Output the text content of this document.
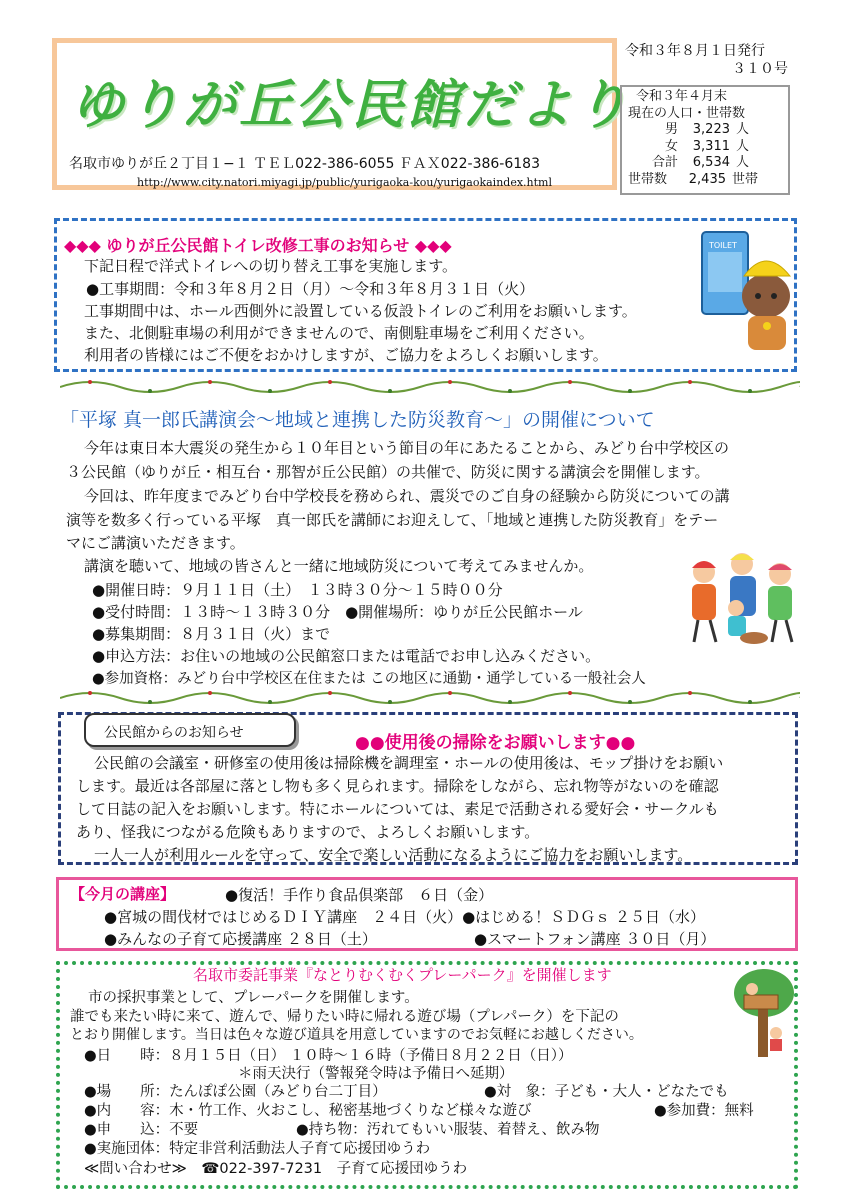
ゆりが丘公民館だより
名取市ゆりが丘２丁目１−１ ＴＥＬ022-386-6055 ＦＡＸ022-386-6183
http://www.city.natori.miyagi.jp/public/yurigaoka-kou/yurigaokaindex.html
令和３年８月１日発行
３１０号
令和３年４月末
現在の人口・世帯数
男	3,223 人
女	3,311 人
合計	6,534 人
世帯数	2,435 世帯
◆◆◆ ゆりが丘公民館トイレ改修工事のお知らせ ◆◆◆
下記日程で洋式トイレへの切り替え工事を実施します。
●工事期間：令和３年８月２日（月）〜令和３年８月３１日（火）
工事期間中は、ホール西側外に設置している仮設トイレのご利用をお願いします。
また、北側駐車場の利用ができませんので、南側駐車場をご利用ください。
利用者の皆様にはご不便をおかけしますが、ご協力をよろしくお願いします。
TOILET
「平塚 真一郎氏講演会〜地域と連携した防災教育〜」の開催について
今年は東日本大震災の発生から１０年目という節目の年にあたることから、みどり台中学校区の
３公民館（ゆりが丘・相互台・那智が丘公民館）の共催で、防災に関する講演会を開催します。
今回は、昨年度までみどり台中学校長を務められ、震災でのご自身の経験から防災についての講
演等を数多く行っている平塚　真一郎氏を講師にお迎えして、「地域と連携した防災教育」をテー
マにご講演いただきます。
講演を聴いて、地域の皆さんと一緒に地域防災について考えてみませんか。
●開催日時：９月１１日（土）　１３時３０分〜１５時００分
●受付時間：１３時〜１３時３０分　●開催場所：ゆりが丘公民館ホール
●募集期間：８月３１日（火）まで
●申込方法：お住いの地域の公民館窓口または電話でお申し込みください。
●参加資格：みどり台中学校区在住または この地区に通勤・通学している一般社会人
公民館からのお知らせ	●●使用後の掃除をお願いします●●
公民館の会議室・研修室の使用後は掃除機を調理室・ホールの使用後は、モップ掛けをお願い
します。最近は各部屋に落とし物も多く見られます。掃除をしながら、忘れ物等がないのを確認
して日誌の記入をお願いします。特にホールについては、素足で活動される愛好会・サークルも
あり、怪我につながる危険もありますので、よろしくお願いします。
一人一人が利用ルールを守って、安全で楽しい活動になるようにご協力をお願いします。
【今月の講座】	●復活！手作り食品倶楽部　６日（金）
●宮城の間伐材ではじめるＤＩＹ講座　２４日（火）●はじめる！ＳＤＧｓ ２５日（水）
●みんなの子育て応援講座 ２８日（土）	●スマートフォン講座 ３０日（月）
名取市委託事業『なとりむくむくプレーパーク』を開催します
市の採択事業として、プレーパークを開催します。
誰でも来たい時に来て、遊んで、帰りたい時に帰れる遊び場（プレパーク）を下記の
とおり開催します。当日は色々な遊び道具を用意していますのでお気軽にお越しください。
●日　　時：８月１５日（日） １０時〜１６時（予備日８月２２日（日））
＊雨天決行（警報発令時は予備日へ延期）
●場　　所：たんぽぽ公園（みどり台二丁目）	●対　象：子ども・大人・どなたでも
●内　　容：木・竹工作、火おこし、秘密基地づくりなど様々な遊び	●参加費：無料
●申　　込：不要	●持ち物：汚れてもいい服装、着替え、飲み物
●実施団体：特定非営利活動法人子育て応援団ゆうわ
≪問い合わせ≫　☎022-397-7231　子育て応援団ゆうわ
